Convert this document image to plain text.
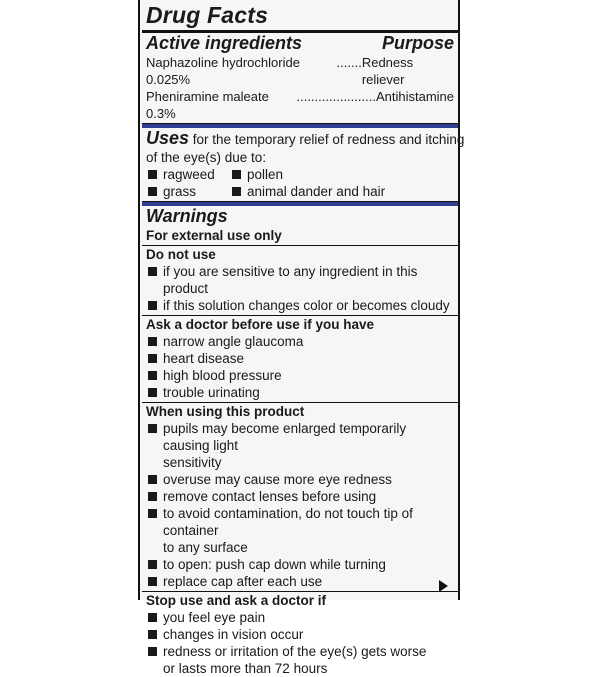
Drug Facts
Active ingredients	Purpose
Naphazoline hydrochloride 0.025%
....... Redness reliever
Pheniramine maleate 0.3%
...................... Antihistamine
Uses for the temporary relief of redness and itching
of the eye(s) due to:
ragweed pollen
grass	animal dander and hair
Warnings
For external use only
Do not use
if you are sensitive to any ingredient in this product
if this solution changes color or becomes cloudy
Ask a doctor before use if you have
narrow angle glaucoma
heart disease
high blood pressure
trouble urinating
When using this product
pupils may become enlarged temporarily causing light
sensitivity
overuse may cause more eye redness
remove contact lenses before using
to avoid contamination, do not touch tip of container
to any surface
to open: push cap down while turning
replace cap after each use
Stop use and ask a doctor if
you feel eye pain
changes in vision occur
redness or irritation of the eye(s) gets worse
or lasts more than 72 hours
